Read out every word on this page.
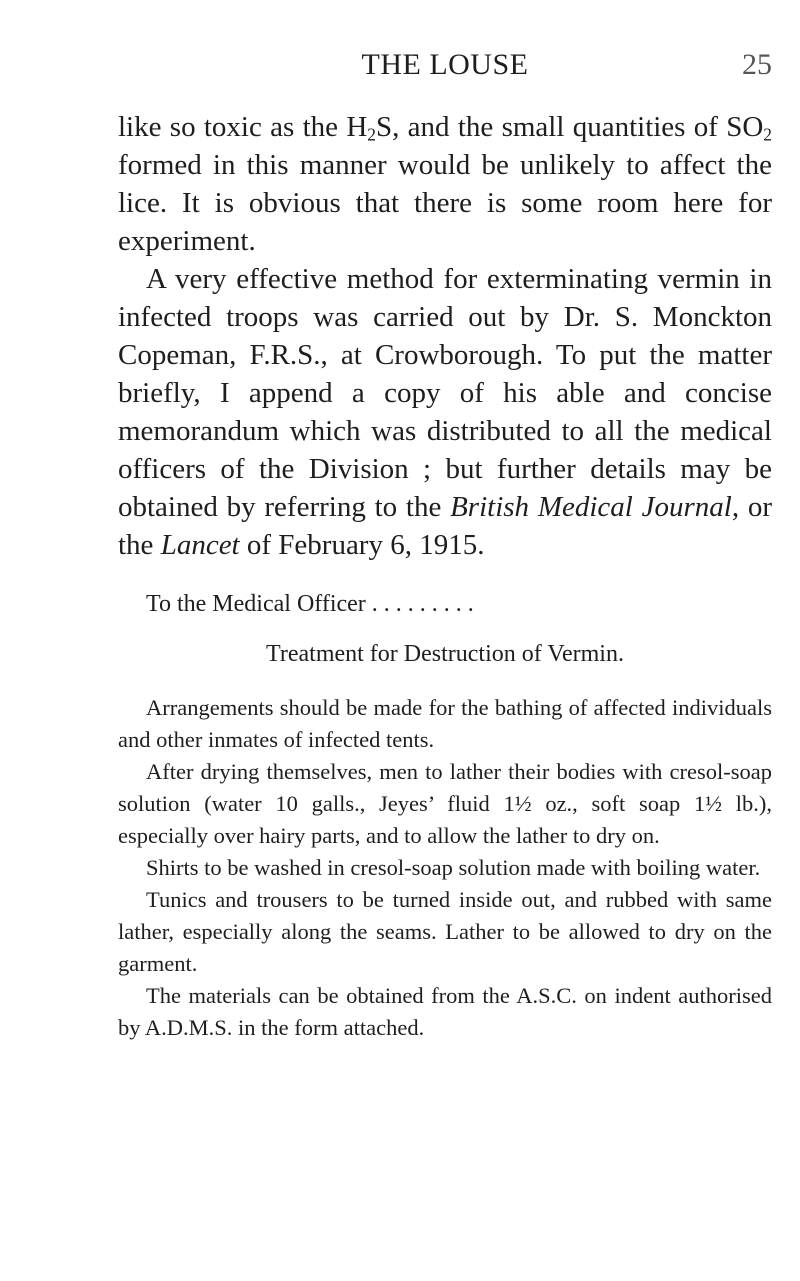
THE LOUSE	25

like so toxic as the $H_2S$, and the small quantities of $SO_2$ formed in this manner would be unlikely to affect the lice. It is obvious that there is some room here for experiment.

A very effective method for exterminating vermin in infected troops was carried out by Dr. S. Monckton Copeman, F.R.S., at Crowborough. To put the matter briefly, I append a copy of his able and concise memorandum which was distributed to all the medical officers of the Division ; but further details may be obtained by referring to the British Medical Journal, or the Lancet of February 6, 1915.

To the Medical Officer . . . . . . . . .
Treatment for Destruction of Vermin.

Arrangements should be made for the bathing of affected individuals and other inmates of infected tents.

After drying themselves, men to lather their bodies with cresol-soap solution (water 10 galls., Jeyes’ fluid 1½ oz., soft soap 1½ lb.), especially over hairy parts, and to allow the lather to dry on.

Shirts to be washed in cresol-soap solution made with boiling water.

Tunics and trousers to be turned inside out, and rubbed with same lather, especially along the seams. Lather to be allowed to dry on the garment.

The materials can be obtained from the A.S.C. on indent authorised by A.D.M.S. in the form attached.
